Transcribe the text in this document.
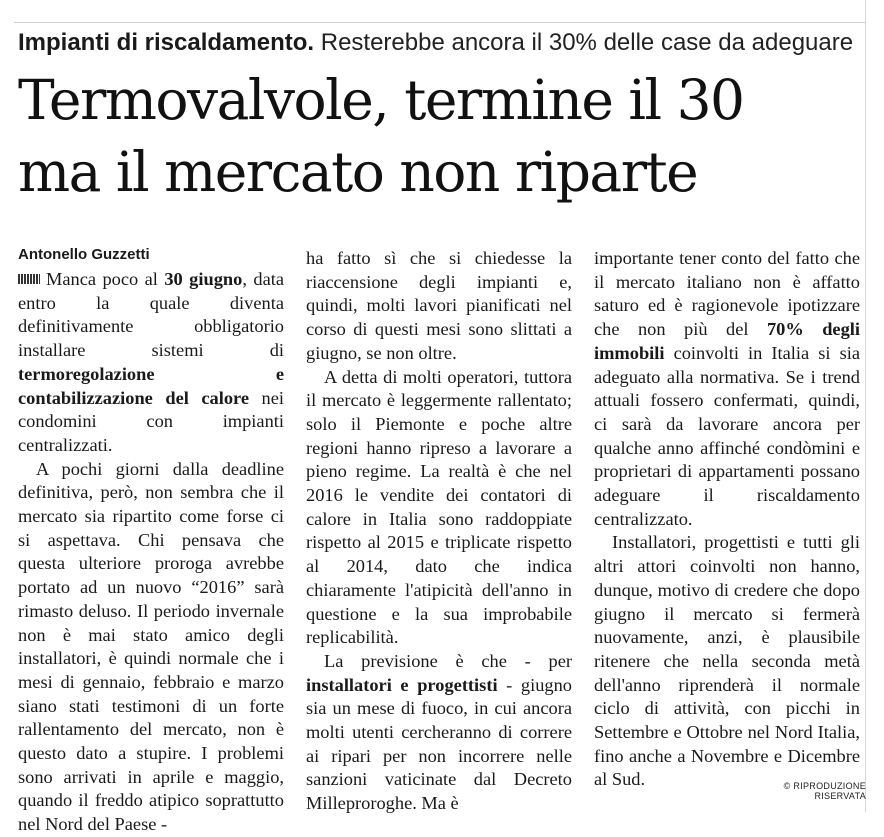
Impianti di riscaldamento. Resterebbe ancora il 30% delle case da adeguare
Termovalvole, termine il 30
ma il mercato non riparte
Antonello Guzzetti

Manca poco al 30 giugno, data entro la quale diventa definitivamente obbligatorio installare sistemi di termoregolazione e contabilizzazione del calore nei condomini con impianti centralizzati.

A pochi giorni dalla deadline definitiva, però, non sembra che il mercato sia ripartito come forse ci si aspettava. Chi pensava che questa ulteriore proroga avrebbe portato ad un nuovo “2016” sarà rimasto deluso. Il periodo invernale non è mai stato amico degli installatori, è quindi normale che i mesi di gennaio, febbraio e marzo siano stati testimoni di un forte rallentamento del mercato, non è questo dato a stupire. I problemi sono arrivati in aprile e maggio, quando il freddo atipico soprattutto nel Nord del Paese -

ha fatto sì che si chiedesse la riaccensione degli impianti e, quindi, molti lavori pianificati nel corso di questi mesi sono slittati a giugno, se non oltre.

A detta di molti operatori, tuttora il mercato è leggermente rallentato; solo il Piemonte e poche altre regioni hanno ripreso a lavorare a pieno regime. La realtà è che nel 2016 le vendite dei contatori di calore in Italia sono raddoppiate rispetto al 2015 e triplicate rispetto al 2014, dato che indica chiaramente l'atipicità dell'anno in questione e la sua improbabile replicabilità.

La previsione è che - per installatori e progettisti - giugno sia un mese di fuoco, in cui ancora molti utenti cercheranno di correre ai ripari per non incorrere nelle sanzioni vaticinate dal Decreto Milleproroghe. Ma è

importante tener conto del fatto che il mercato italiano non è affatto saturo ed è ragionevole ipotizzare che non più del 70% degli immobili coinvolti in Italia si sia adeguato alla normativa. Se i trend attuali fossero confermati, quindi, ci sarà da lavorare ancora per qualche anno affinché condòmini e proprietari di appartamenti possano adeguare il riscaldamento centralizzato.

Installatori, progettisti e tutti gli altri attori coinvolti non hanno, dunque, motivo di credere che dopo giugno il mercato si fermerà nuovamente, anzi, è plausibile ritenere che nella seconda metà dell'anno riprenderà il normale ciclo di attività, con picchi in Settembre e Ottobre nel Nord Italia, fino anche a Novembre e Dicembre al Sud.	© RIPRODUZIONE RISERVATA
